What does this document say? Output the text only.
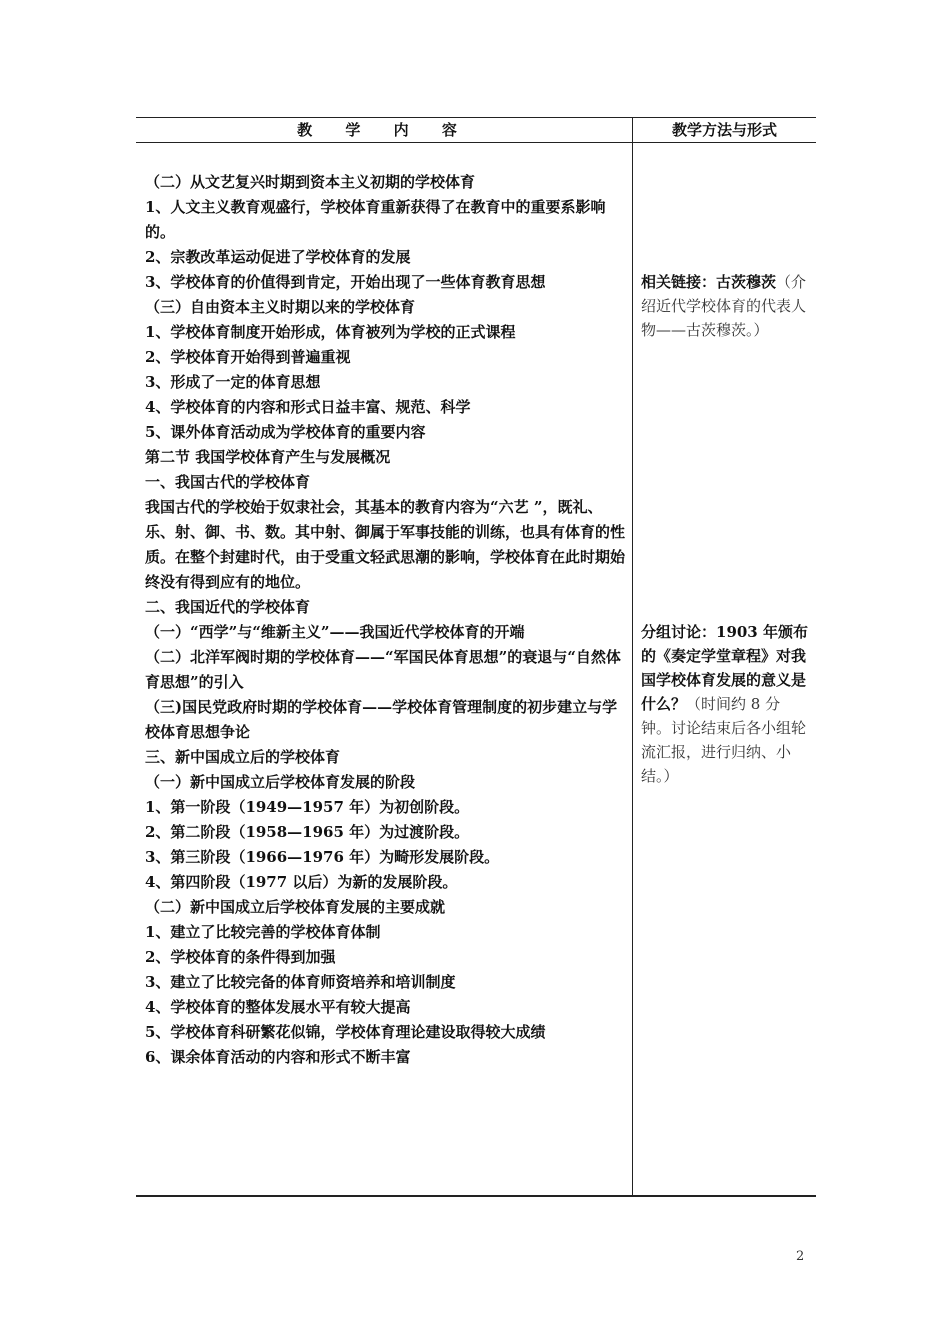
教 学 内 容	教学方法与形式
（二）从文艺复兴时期到资本主义初期的学校体育
1、人文主义教育观盛行，学校体育重新获得了在教育中的重要系影响的。
2、宗教改革运动促进了学校体育的发展
3、学校体育的价值得到肯定，开始出现了一些体育教育思想
（三）自由资本主义时期以来的学校体育
1、学校体育制度开始形成，体育被列为学校的正式课程
2、学校体育开始得到普遍重视
3、形成了一定的体育思想
4、学校体育的内容和形式日益丰富、规范、科学
5、课外体育活动成为学校体育的重要内容
第二节 我国学校体育产生与发展概况
一、我国古代的学校体育
我国古代的学校始于奴隶社会，其基本的教育内容为“六艺 ”，既礼、乐、射、御、书、数。其中射、御属于军事技能的训练，也具有体育的性质。在整个封建时代，由于受重文轻武思潮的影响，学校体育在此时期始终没有得到应有的地位。
二、我国近代的学校体育
（一）“西学”与“维新主义”——我国近代学校体育的开端
（二）北洋军阀时期的学校体育——“军国民体育思想”的衰退与“自然体育思想”的引入
（三)国民党政府时期的学校体育——学校体育管理制度的初步建立与学校体育思想争论
三、新中国成立后的学校体育
（一）新中国成立后学校体育发展的阶段
1、第一阶段（1949—1957 年）为初创阶段。
2、第二阶段（1958—1965 年）为过渡阶段。
3、第三阶段（1966—1976 年）为畸形发展阶段。
4、第四阶段（1977 以后）为新的发展阶段。
（二）新中国成立后学校体育发展的主要成就
1、建立了比较完善的学校体育体制
2、学校体育的条件得到加强
3、建立了比较完备的体育师资培养和培训制度
4、学校体育的整体发展水平有较大提高
5、学校体育科研繁花似锦，学校体育理论建设取得较大成绩
6、课余体育活动的内容和形式不断丰富
相关链接：古茨穆茨（介绍近代学校体育的代表人物——古茨穆茨。）
分组讨论：1903 年颁布的《奏定学堂章程》对我国学校体育发展的意义是什么？（时间约 8 分钟。讨论结束后各小组轮流汇报，进行归纳、小结。）
2
